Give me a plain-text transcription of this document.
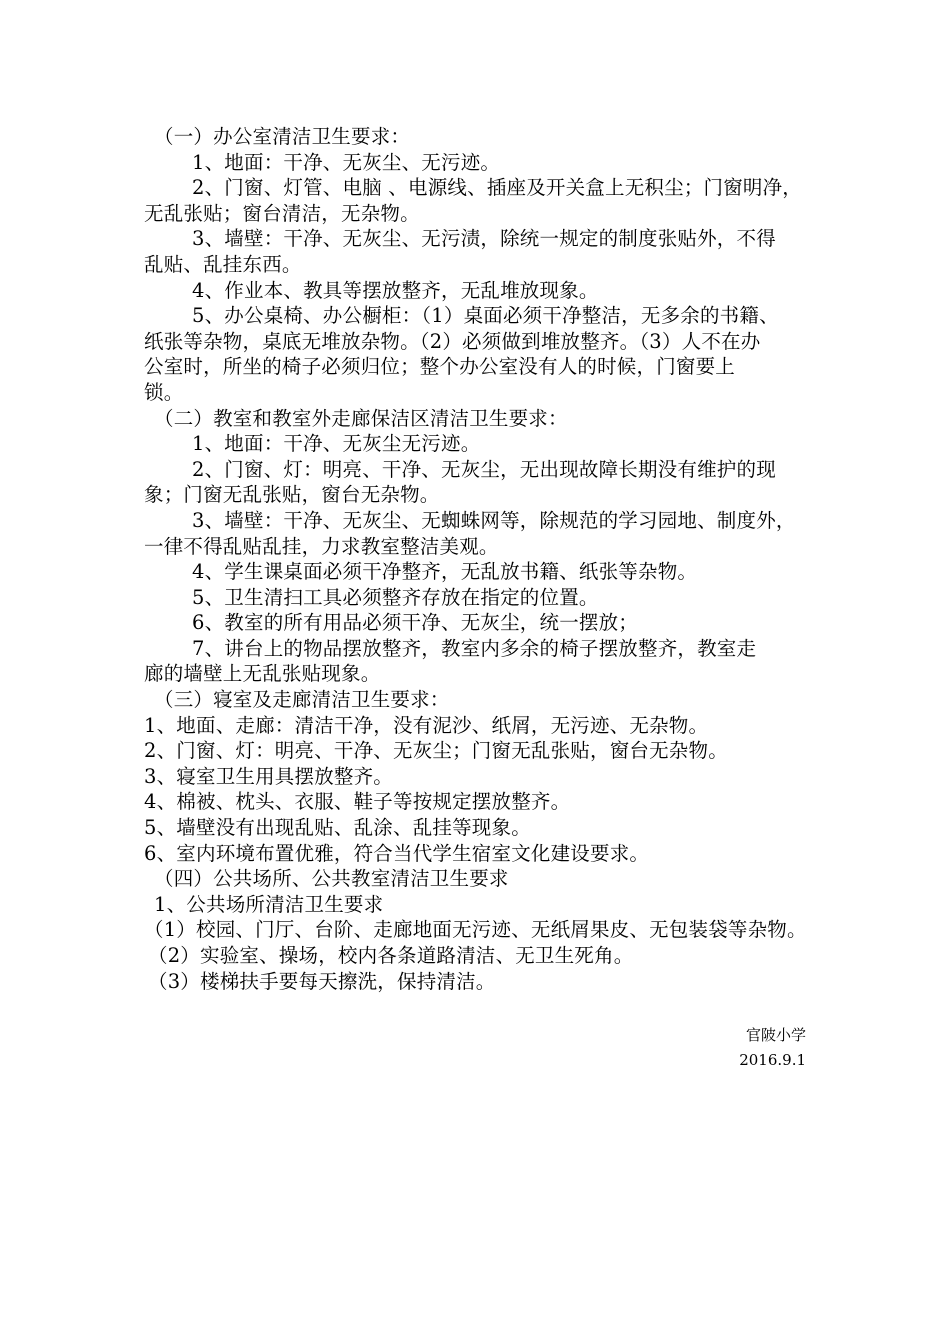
（一）办公室清洁卫生要求：
1、地面：干净、无灰尘、无污迹。
2、门窗、灯管、电脑 、电源线、插座及开关盒上无积尘；门窗明净，
无乱张贴；窗台清洁，无杂物。
3、墙壁：干净、无灰尘、无污渍，除统一规定的制度张贴外，不得
乱贴、乱挂东西。
4、作业本、教具等摆放整齐，无乱堆放现象。
5、办公桌椅、办公橱柜：（1）桌面必须干净整洁，无多余的书籍、
纸张等杂物，桌底无堆放杂物。（2）必须做到堆放整齐。（3）人不在办
公室时，所坐的椅子必须归位；整个办公室没有人的时候，门窗要上
锁。
（二）教室和教室外走廊保洁区清洁卫生要求：
1、地面：干净、无灰尘无污迹。
2、门窗、灯：明亮、干净、无灰尘，无出现故障长期没有维护的现
象；门窗无乱张贴，窗台无杂物。
3、墙壁：干净、无灰尘、无蜘蛛网等，除规范的学习园地、制度外，
一律不得乱贴乱挂，力求教室整洁美观。
4、学生课桌面必须干净整齐，无乱放书籍、纸张等杂物。
5、卫生清扫工具必须整齐存放在指定的位置。
6、教室的所有用品必须干净、无灰尘，统一摆放；
7、讲台上的物品摆放整齐，教室内多余的椅子摆放整齐，教室走
廊的墙壁上无乱张贴现象。
（三）寝室及走廊清洁卫生要求：
1、地面、走廊：清洁干净，没有泥沙、纸屑，无污迹、无杂物。
2、门窗、灯：明亮、干净、无灰尘；门窗无乱张贴，窗台无杂物。
3、寝室卫生用具摆放整齐。
4、棉被、枕头、衣服、鞋子等按规定摆放整齐。
5、墙壁没有出现乱贴、乱涂、乱挂等现象。
6、室内环境布置优雅，符合当代学生宿室文化建设要求。
（四）公共场所、公共教室清洁卫生要求
1、公共场所清洁卫生要求
（1）校园、门厅、台阶、走廊地面无污迹、无纸屑果皮、无包装袋等杂物。
（2）实验室、操场，校内各条道路清洁、无卫生死角。
（3）楼梯扶手要每天擦洗，保持清洁。
官陂小学
2016.9.1
